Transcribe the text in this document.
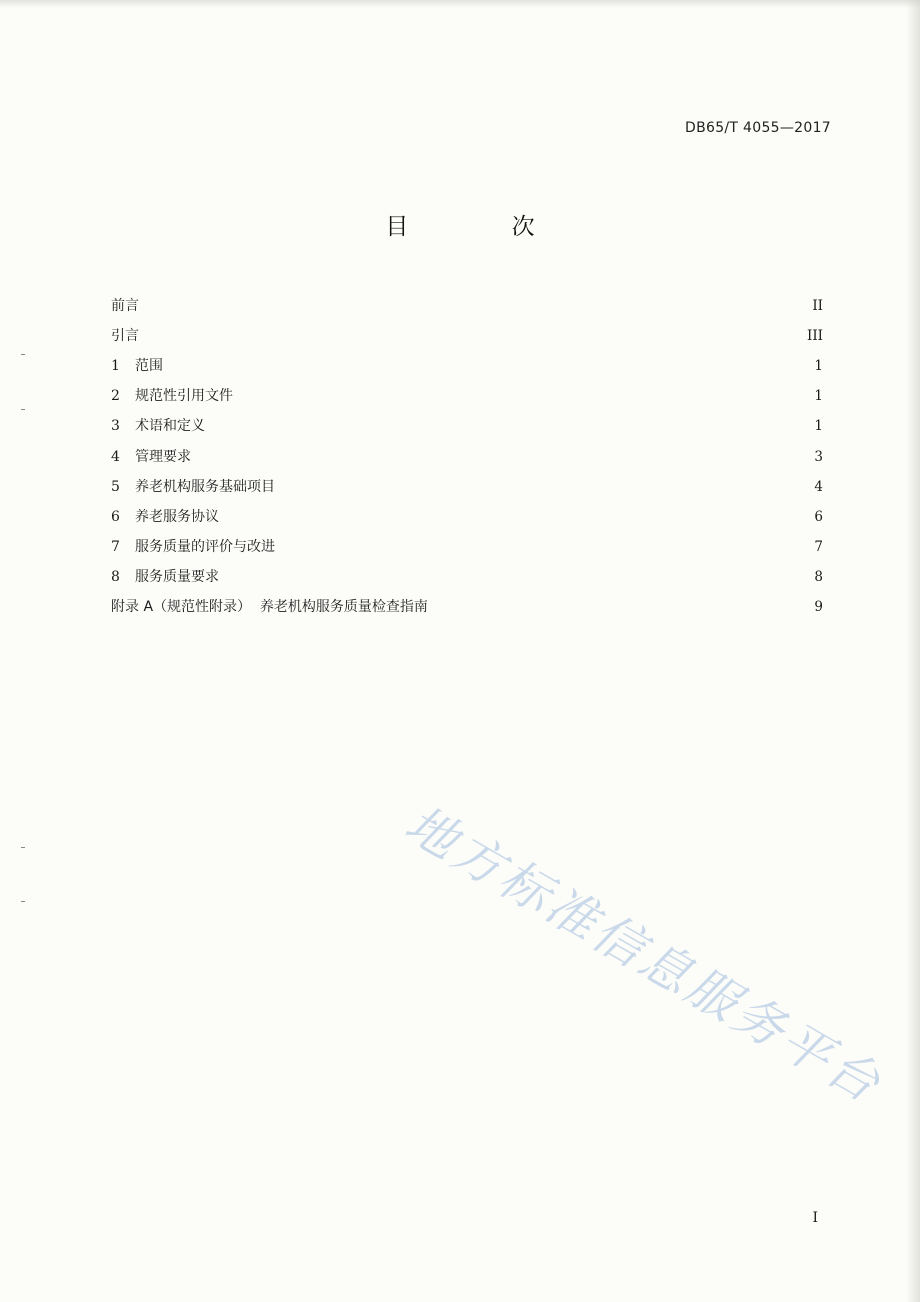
DB65/T 4055—2017
目 次
前言	II
引言	III
1	范围	1
2	规范性引用文件	1
3	术语和定义	1
4	管理要求	3
5	养老机构服务基础项目	4
6	养老服务协议	6
7	服务质量的评价与改进	7
8	服务质量要求	8
附录 A（规范性附录）  养老机构服务质量检查指南	9
地方标准信息服务平台
I
